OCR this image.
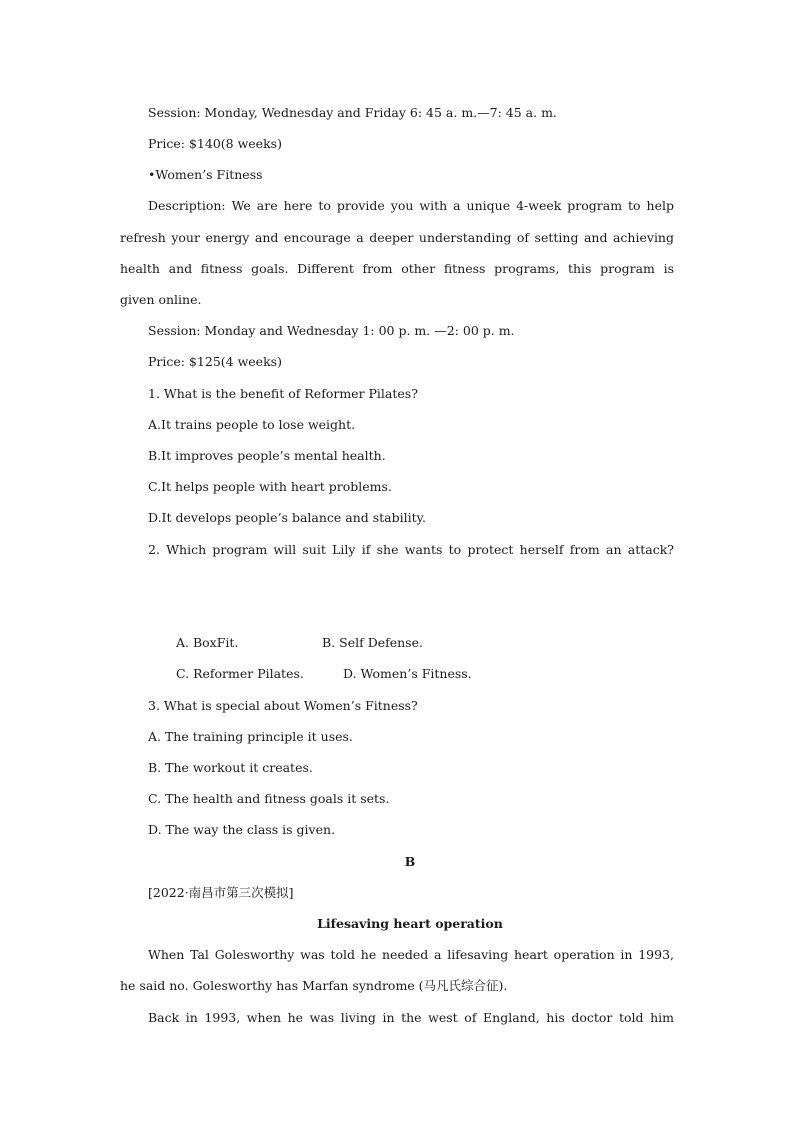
Session: Monday, Wednesday and Friday 6: 45 a. m.—7: 45 a. m.
Price: $140(8 weeks)
•Women’s Fitness
Description: We are here to provide you with a unique 4-week program to help
refresh your energy and encourage a deeper understanding of setting and achieving
health and fitness goals. Different from other fitness programs, this program is
given online.
Session: Monday and Wednesday 1: 00 p. m. —2: 00 p. m.
Price: $125(4 weeks)
1. What is the benefit of Reformer Pilates?
A.It trains people to lose weight.
B.It improves people’s mental health.
C.It helps people with heart problems.
D.It develops people’s balance and stability.
2. Which program will suit Lily if she wants to protect herself from an attack?
A. BoxFit.	B. Self Defense.
C. Reformer Pilates.	D. Women’s Fitness.
3. What is special about Women’s Fitness?
A. The training principle it uses.
B. The workout it creates.
C. The health and fitness goals it sets.
D. The way the class is given.
B
[2022·南昌市第三次模拟]
Lifesaving heart operation
When Tal Golesworthy was told he needed a lifesaving heart operation in 1993,
he said no. Golesworthy has Marfan syndrome (马凡氏综合征).
Back in 1993, when he was living in the west of England, his doctor told him
